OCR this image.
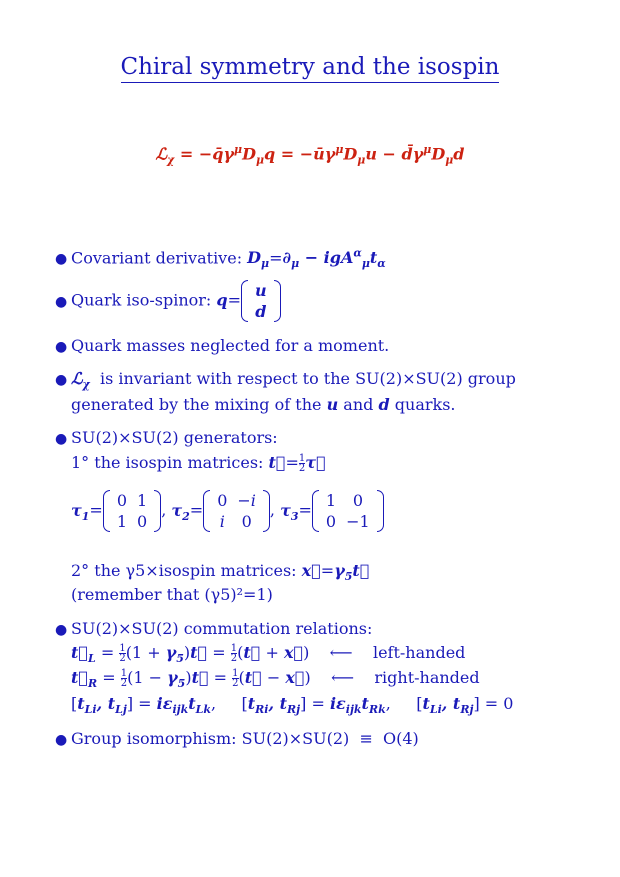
Chiral symmetry and the isospin
ℒ$_\chi$ = $-q̄\gamma^\mu D_\mu q$ = $-ū\gamma^\mu D_\mu u$ − $d̄\gamma^\mu D_\mu d$
● Covariant derivative: $D_\mu=\partial_\mu - igA^\alpha_\mu t_\alpha$
● Quark iso-spinor: q= u
d
● Quark masses neglected for a moment.
● ℒ$_\chi$ is invariant with respect to the SU(2)×SU(2) group
generated by the mixing of the u and d quarks.
● SU(2)×SU(2) generators:
1° the isospin matrices: t⃗= $\frac{1}{2}$ τ⃗
$\tau_1= 0$	1
1	0
, $\tau_2= 0$	−i
i	0
, $\tau_3= 1$	0
0	−1
2° the γ5×isospin matrices: $x⃗=\gamma_5t⃗$
(remember that (γ5)²=1)
● SU(2)×SU(2) commutation relations:
$t⃗_L = \frac{1}{2} (1$ + $\gamma_5)t⃗ = \frac{1}{2}$ (t⃗ + x⃗)    ⟵    left-handed
$t⃗_R = \frac{1}{2} (1$ − $\gamma_5)t⃗ = \frac{1}{2}$ (t⃗ − x⃗)    ⟵    right-handed
[$t_{Li}$, $t_{Lj}] = i\varepsilon_{ijk}t_{Lk}$,     [$t_{Ri}$, $t_{Rj}] = i\varepsilon_{ijk}t_{Rk}$,     [$t_{Li}$, $t_{Rj}] = 0$
● Group isomorphism: SU(2)×SU(2)  ≡  O(4)
